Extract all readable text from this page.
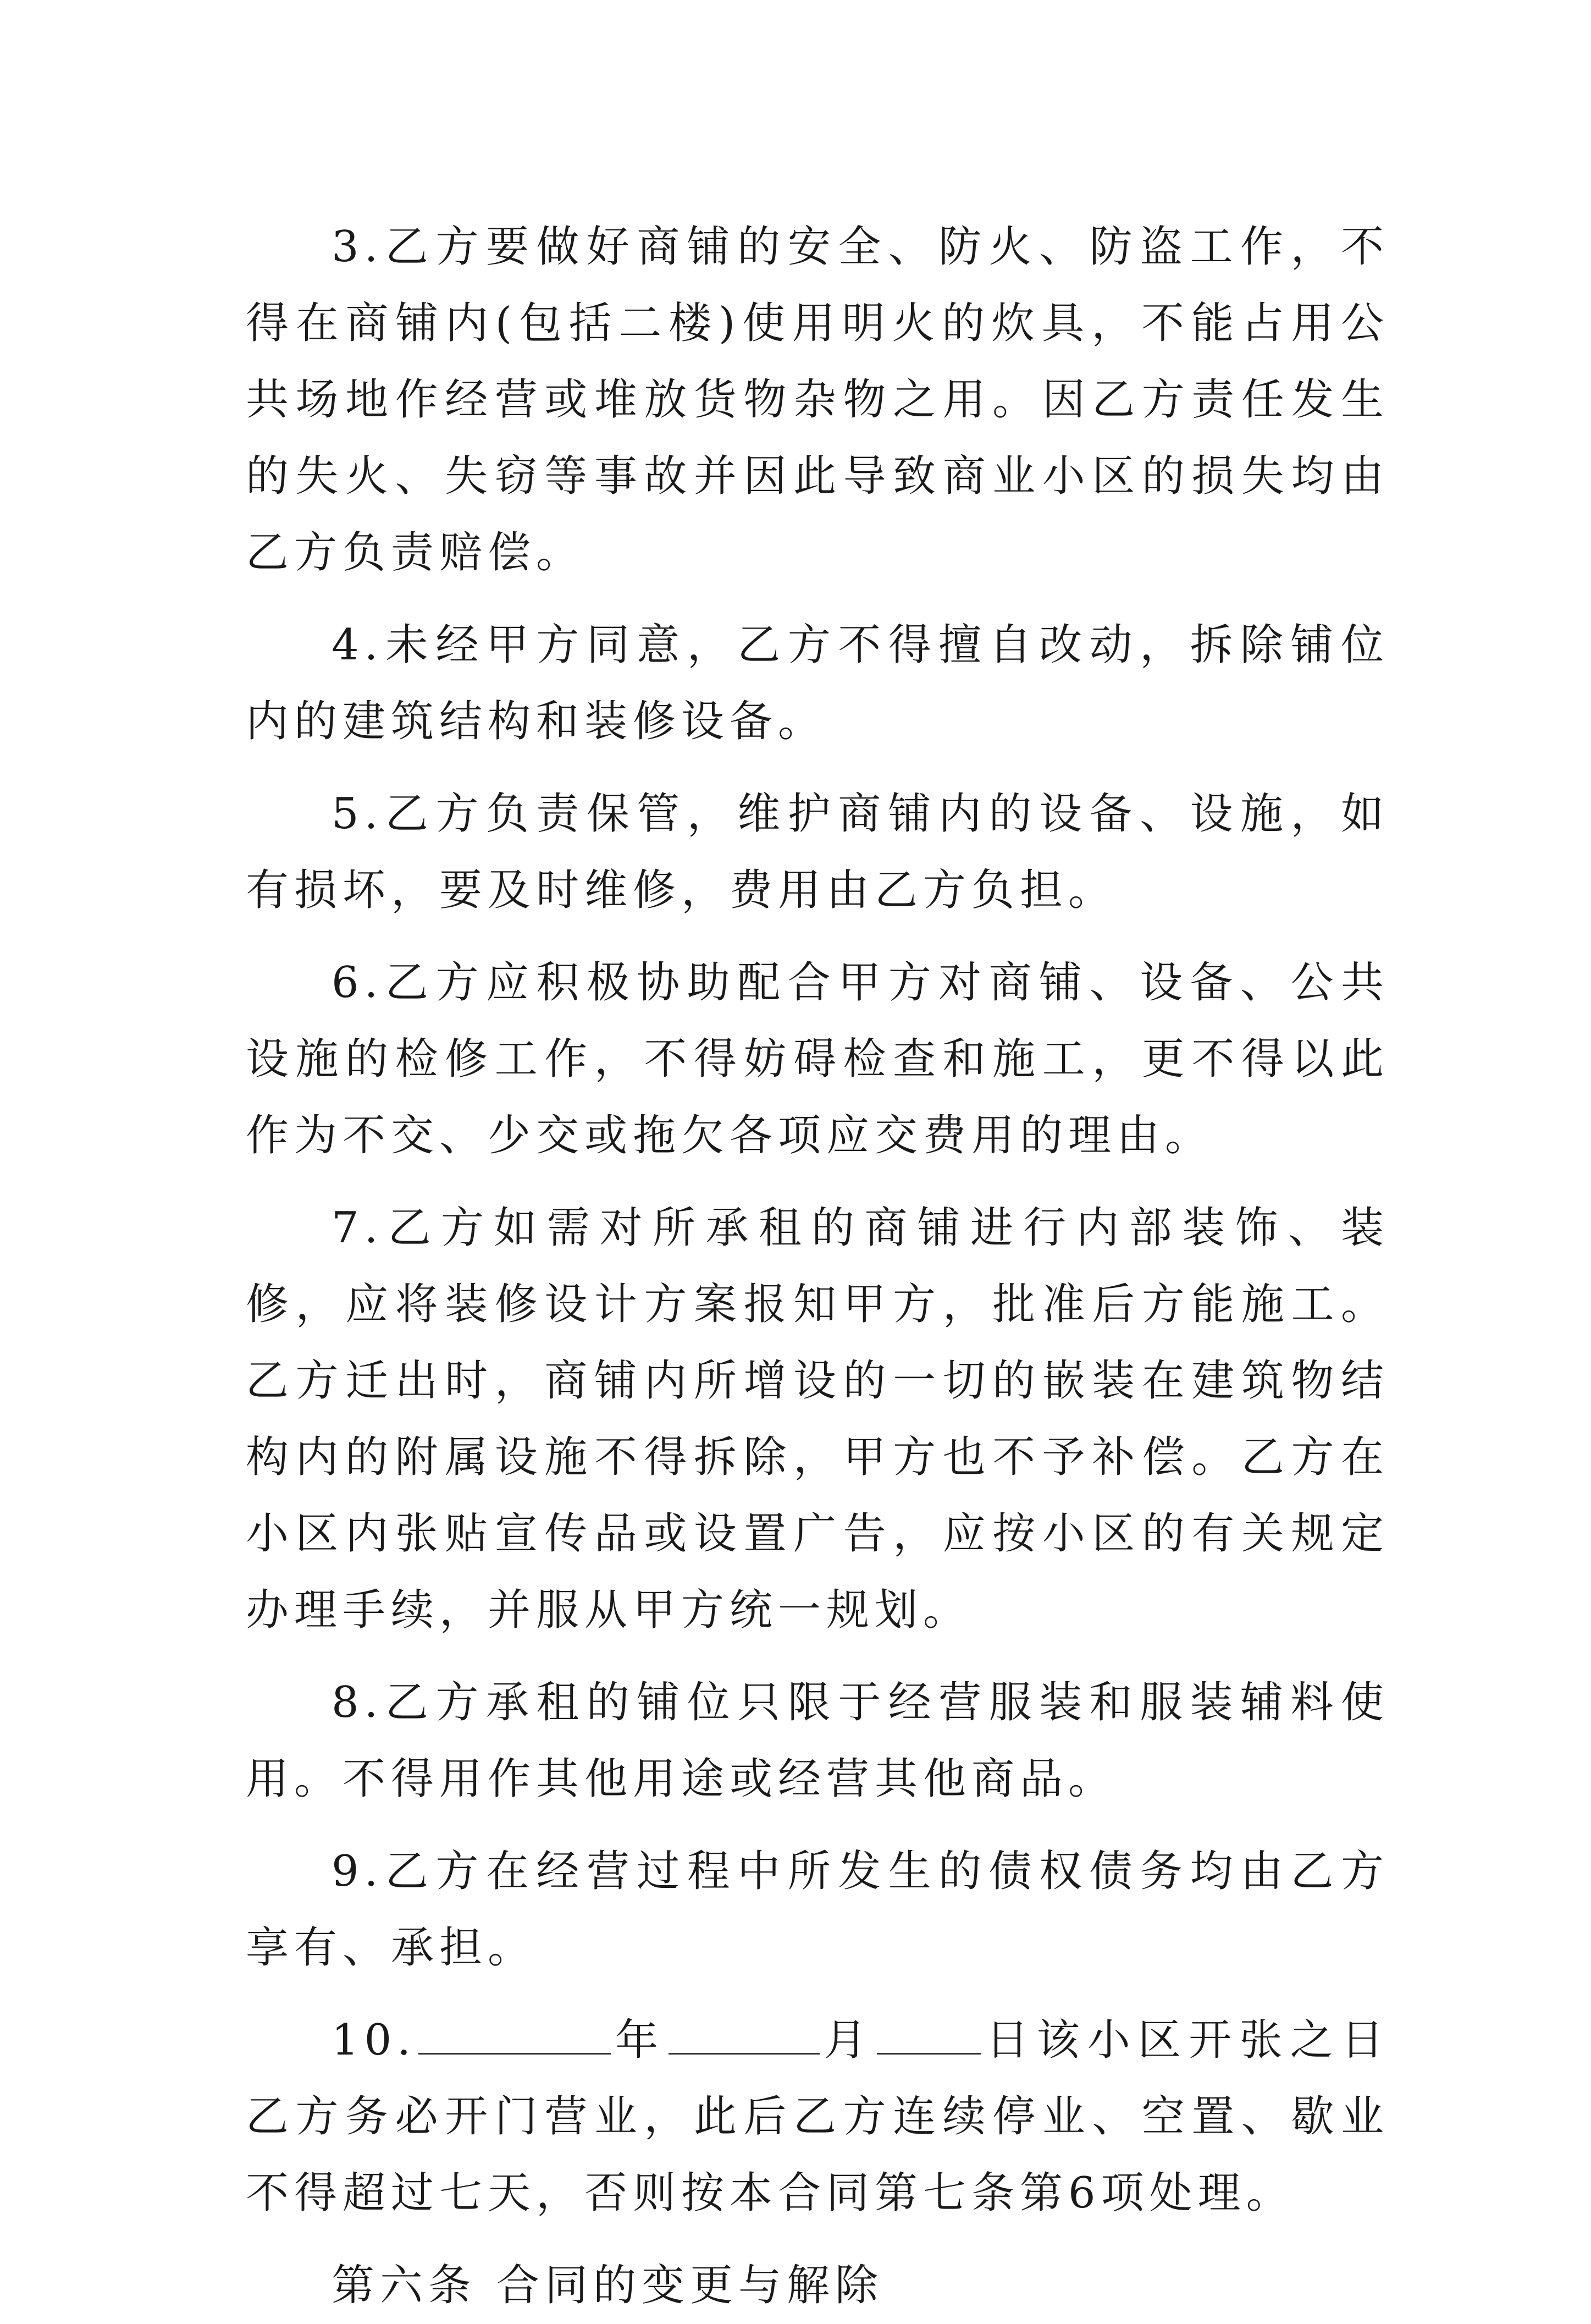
3.乙方要做好商铺的安全、防火、防盗工作，不得在商铺内(包括二楼)使用明火的炊具，不能占用公共场地作经营或堆放货物杂物之用。因乙方责任发生的失火、失窃等事故并因此导致商业小区的损失均由乙方负责赔偿。

4.未经甲方同意，乙方不得擅自改动，拆除铺位内的建筑结构和装修设备。

5.乙方负责保管，维护商铺内的设备、设施，如有损坏，要及时维修，费用由乙方负担。

6.乙方应积极协助配合甲方对商铺、设备、公共设施的检修工作，不得妨碍检查和施工，更不得以此作为不交、少交或拖欠各项应交费用的理由。

7.乙方如需对所承租的商铺进行内部装饰、装修，应将装修设计方案报知甲方，批准后方能施工。乙方迁出时，商铺内所增设的一切的嵌装在建筑物结构内的附属设施不得拆除，甲方也不予补偿。乙方在小区内张贴宣传品或设置广告，应按小区的有关规定办理手续，并服从甲方统一规划。

8.乙方承租的铺位只限于经营服装和服装辅料使用。不得用作其他用途或经营其他商品。

9.乙方在经营过程中所发生的债权债务均由乙方享有、承担。

10.	年	月	日该小区开张之日乙方务必开门营业，此后乙方连续停业、空置、歇业不得超过七天，否则按本合同第七条第6项处理。

第六条 合同的变更与解除
